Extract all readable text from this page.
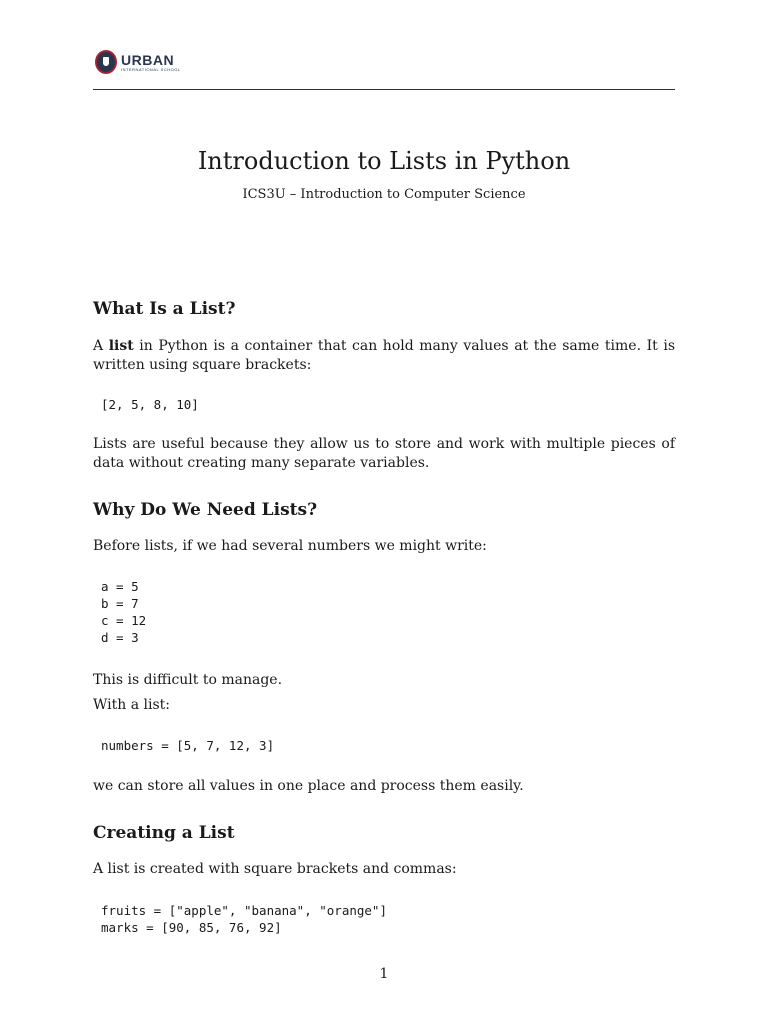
URBAN
INTERNATIONAL SCHOOL
Introduction to Lists in Python

ICS3U – Introduction to Computer Science

What Is a List?

A list in Python is a container that can hold many values at the same time. It is written using square brackets:

[2, 5, 8, 10]

Lists are useful because they allow us to store and work with multiple pieces of data without creating many separate variables.

Why Do We Need Lists?

Before lists, if we had several numbers we might write:

a = 5
b = 7
c = 12
d = 3

This is difficult to manage.

With a list:

numbers = [5, 7, 12, 3]

we can store all values in one place and process them easily.

Creating a List

A list is created with square brackets and commas:

fruits = ["apple", "banana", "orange"]
marks = [90, 85, 76, 92]

1
